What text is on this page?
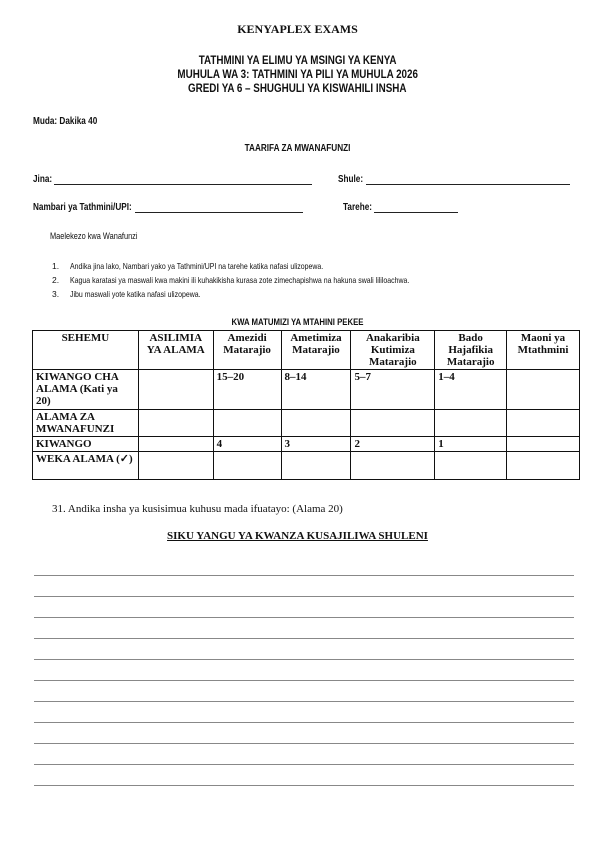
KENYAPLEX EXAMS
TATHMINI YA ELIMU YA MSINGI YA KENYA
MUHULA WA 3: TATHMINI YA PILI YA MUHULA 2026
GREDI YA 6 – SHUGHULI YA KISWAHILI INSHA
Muda: Dakika 40
TAARIFA ZA MWANAFUNZI
Jina:	Shule:
Nambari ya Tathmini/UPI:	Tarehe:
Maelekezo kwa Wanafunzi
1. Andika jina lako, Nambari yako ya Tathmini/UPI na tarehe katika nafasi ulizopewa.
2. Kagua karatasi ya maswali kwa makini ili kuhakikisha kurasa zote zimechapishwa na hakuna swali lililoachwa.
3. Jibu maswali yote katika nafasi ulizopewa.
KWA MATUMIZI YA MTAHINI PEKEE
SEHEMU	ASILIMIA YA ALAMA	Amezidi Matarajio	Ametimiza Matarajio	Anakaribia Kutimiza Matarajio	Bado Hajafikia Matarajio	Maoni ya Mtathmini
KIWANGO CHA ALAMA (Kati ya 20)		15–20	8–14	5–7	1–4	
ALAMA ZA MWANAFUNZI						
KIWANGO		4	3	2	1	
WEKA ALAMA (✓)						
31. Andika insha ya kusisimua kuhusu mada ifuatayo: (Alama 20)
SIKU YANGU YA KWANZA KUSAJILIWA SHULENI
